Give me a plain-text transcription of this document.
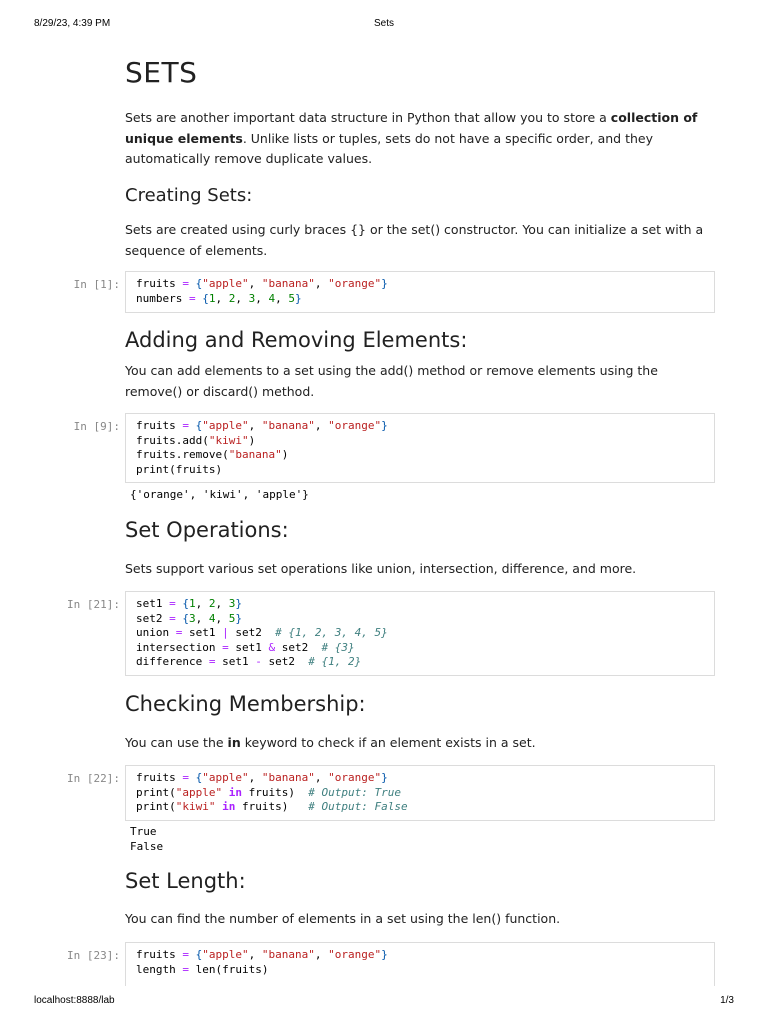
8/29/23, 4:39 PM	Sets
SETS

Sets are another important data structure in Python that allow you to store a collection of unique elements. Unlike lists or tuples, sets do not have a specific order, and they automatically remove duplicate values.

Creating Sets:

Sets are created using curly braces {} or the set() constructor. You can initialize a set with a sequence of elements.

In [1]: fruits = {"apple", "banana", "orange"}
numbers = {1, 2, 3, 4, 5}
Adding and Removing Elements:

You can add elements to a set using the add() method or remove elements using the remove() or discard() method.

In [9]: fruits = {"apple", "banana", "orange"}
fruits.add("kiwi")
fruits.remove("banana")
print(fruits)
{'orange', 'kiwi', 'apple'}
Set Operations:

Sets support various set operations like union, intersection, difference, and more.

In [21]: set1 = {1, 2, 3}
set2 = {3, 4, 5}
union = set1 | set2 # {1, 2, 3, 4, 5}
intersection = set1 & set2 # {3}
difference = set1 - set2 # {1, 2}
Checking Membership:

You can use the in keyword to check if an element exists in a set.

In [22]: fruits = {"apple", "banana", "orange"}
print("apple" in fruits)  # Output: True
print("kiwi" in fruits)   # Output: False
True
False
Set Length:

You can find the number of elements in a set using the len() function.

In [23]: fruits = {"apple", "banana", "orange"}
length = len(fruits)
localhost:8888/lab	1/3
